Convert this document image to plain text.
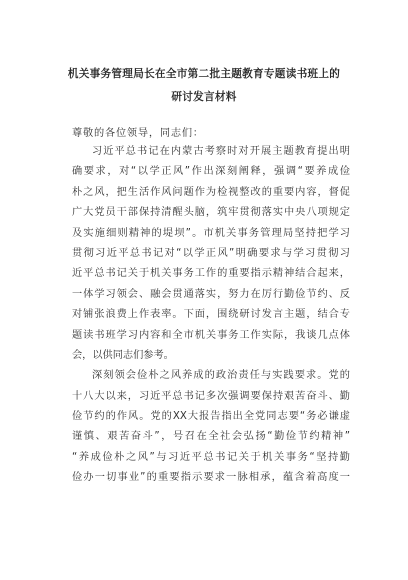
机关事务管理局长在全市第二批主题教育专题读书班上的
研讨发言材料
尊敬的各位领导，同志们：
习近平总书记在内蒙古考察时对开展主题教育提出明
确要求，对“以学正风”作出深刻阐释，强调“要养成俭
朴之风，把生活作风问题作为检视整改的重要内容，督促
广大党员干部保持清醒头脑，筑牢贯彻落实中央八项规定
及实施细则精神的堤坝”。市机关事务管理局坚持把学习
贯彻习近平总书记对“以学正风”明确要求与学习贯彻习
近平总书记关于机关事务工作的重要指示精神结合起来，
一体学习领会、融会贯通落实，努力在厉行勤俭节约、反
对铺张浪费上作表率。下面，围绕研讨发言主题，结合专
题读书班学习内容和全市机关事务工作实际，我谈几点体
会，以供同志们参考。
深刻领会俭朴之风养成的政治责任与实践要求。党的
十八大以来，习近平总书记多次强调要保持艰苦奋斗、勤
俭节约的作风。党的XX大报告指出全党同志要“务必谦虚
谨慎、艰苦奋斗”，号召在全社会弘扬“勤俭节约精神”
“养成俭朴之风”与习近平总书记关于机关事务“坚持勤
俭办一切事业”的重要指示要求一脉相承，蕴含着高度一
